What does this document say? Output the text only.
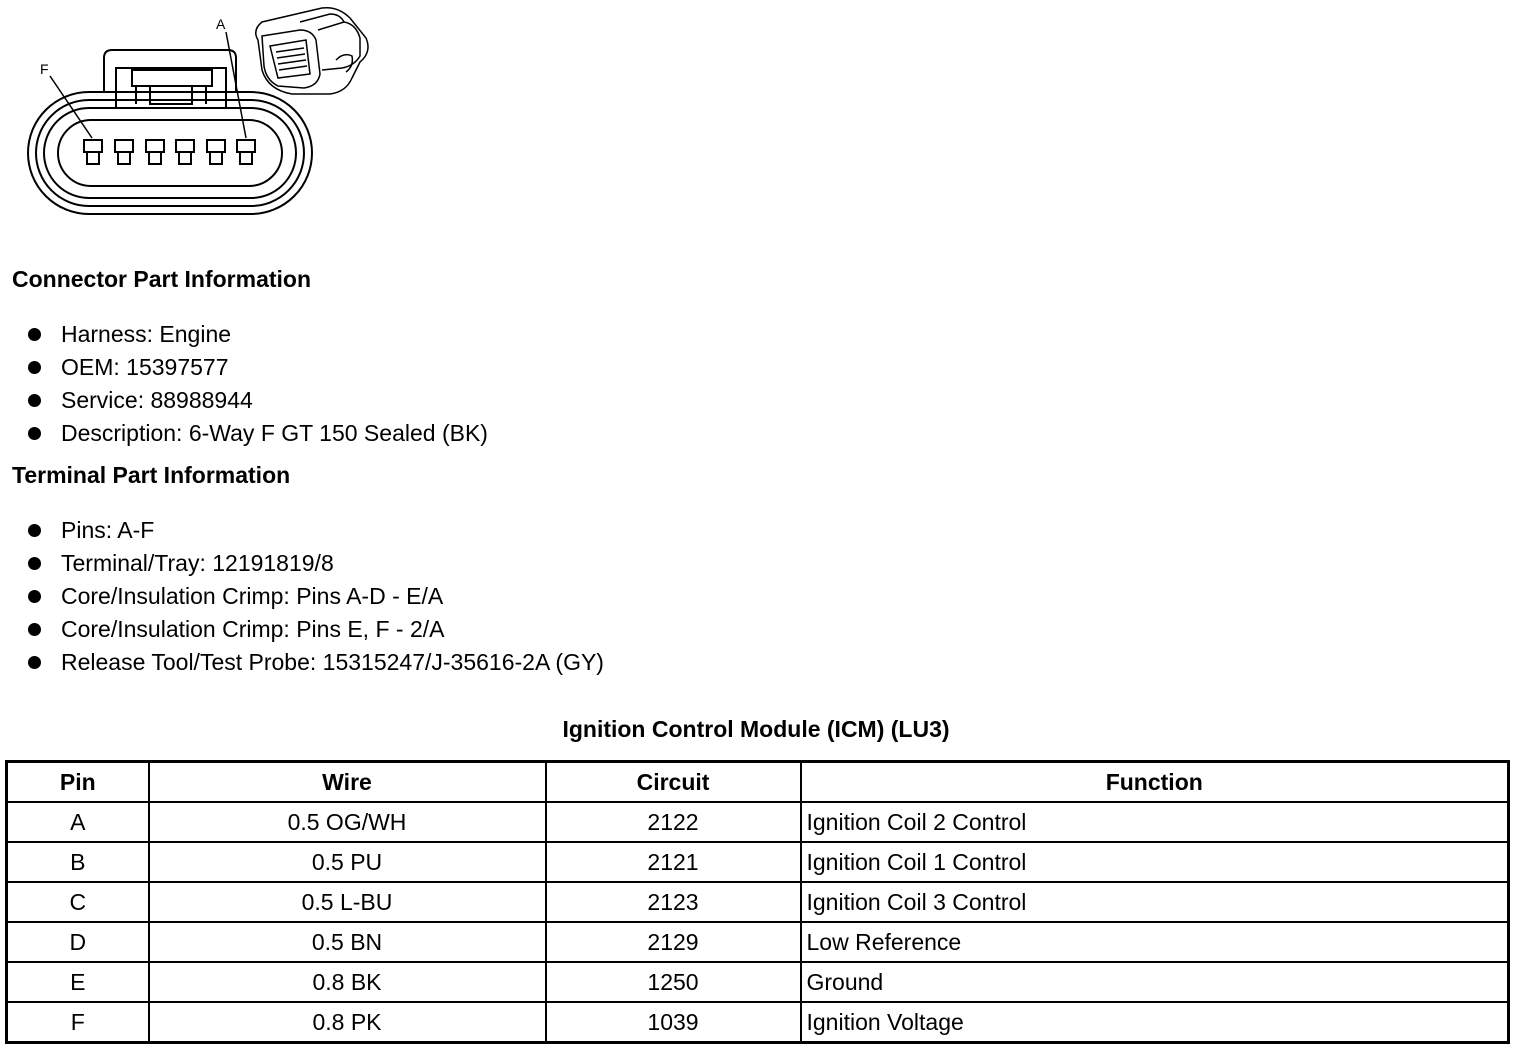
F
A
Connector Part Information
Harness: Engine
OEM: 15397577
Service: 88988944
Description: 6-Way F GT 150 Sealed (BK)
Terminal Part Information
Pins: A-F
Terminal/Tray: 12191819/8
Core/Insulation Crimp: Pins A-D - E/A
Core/Insulation Crimp: Pins E, F - 2/A
Release Tool/Test Probe: 15315247/J-35616-2A (GY)
Ignition Control Module (ICM) (LU3)
Pin	Wire	Circuit	Function
A	0.5 OG/WH	2122	Ignition Coil 2 Control
B	0.5 PU	2121	Ignition Coil 1 Control
C	0.5 L-BU	2123	Ignition Coil 3 Control
D	0.5 BN	2129	Low Reference
E	0.8 BK	1250	Ground
F	0.8 PK	1039	Ignition Voltage
